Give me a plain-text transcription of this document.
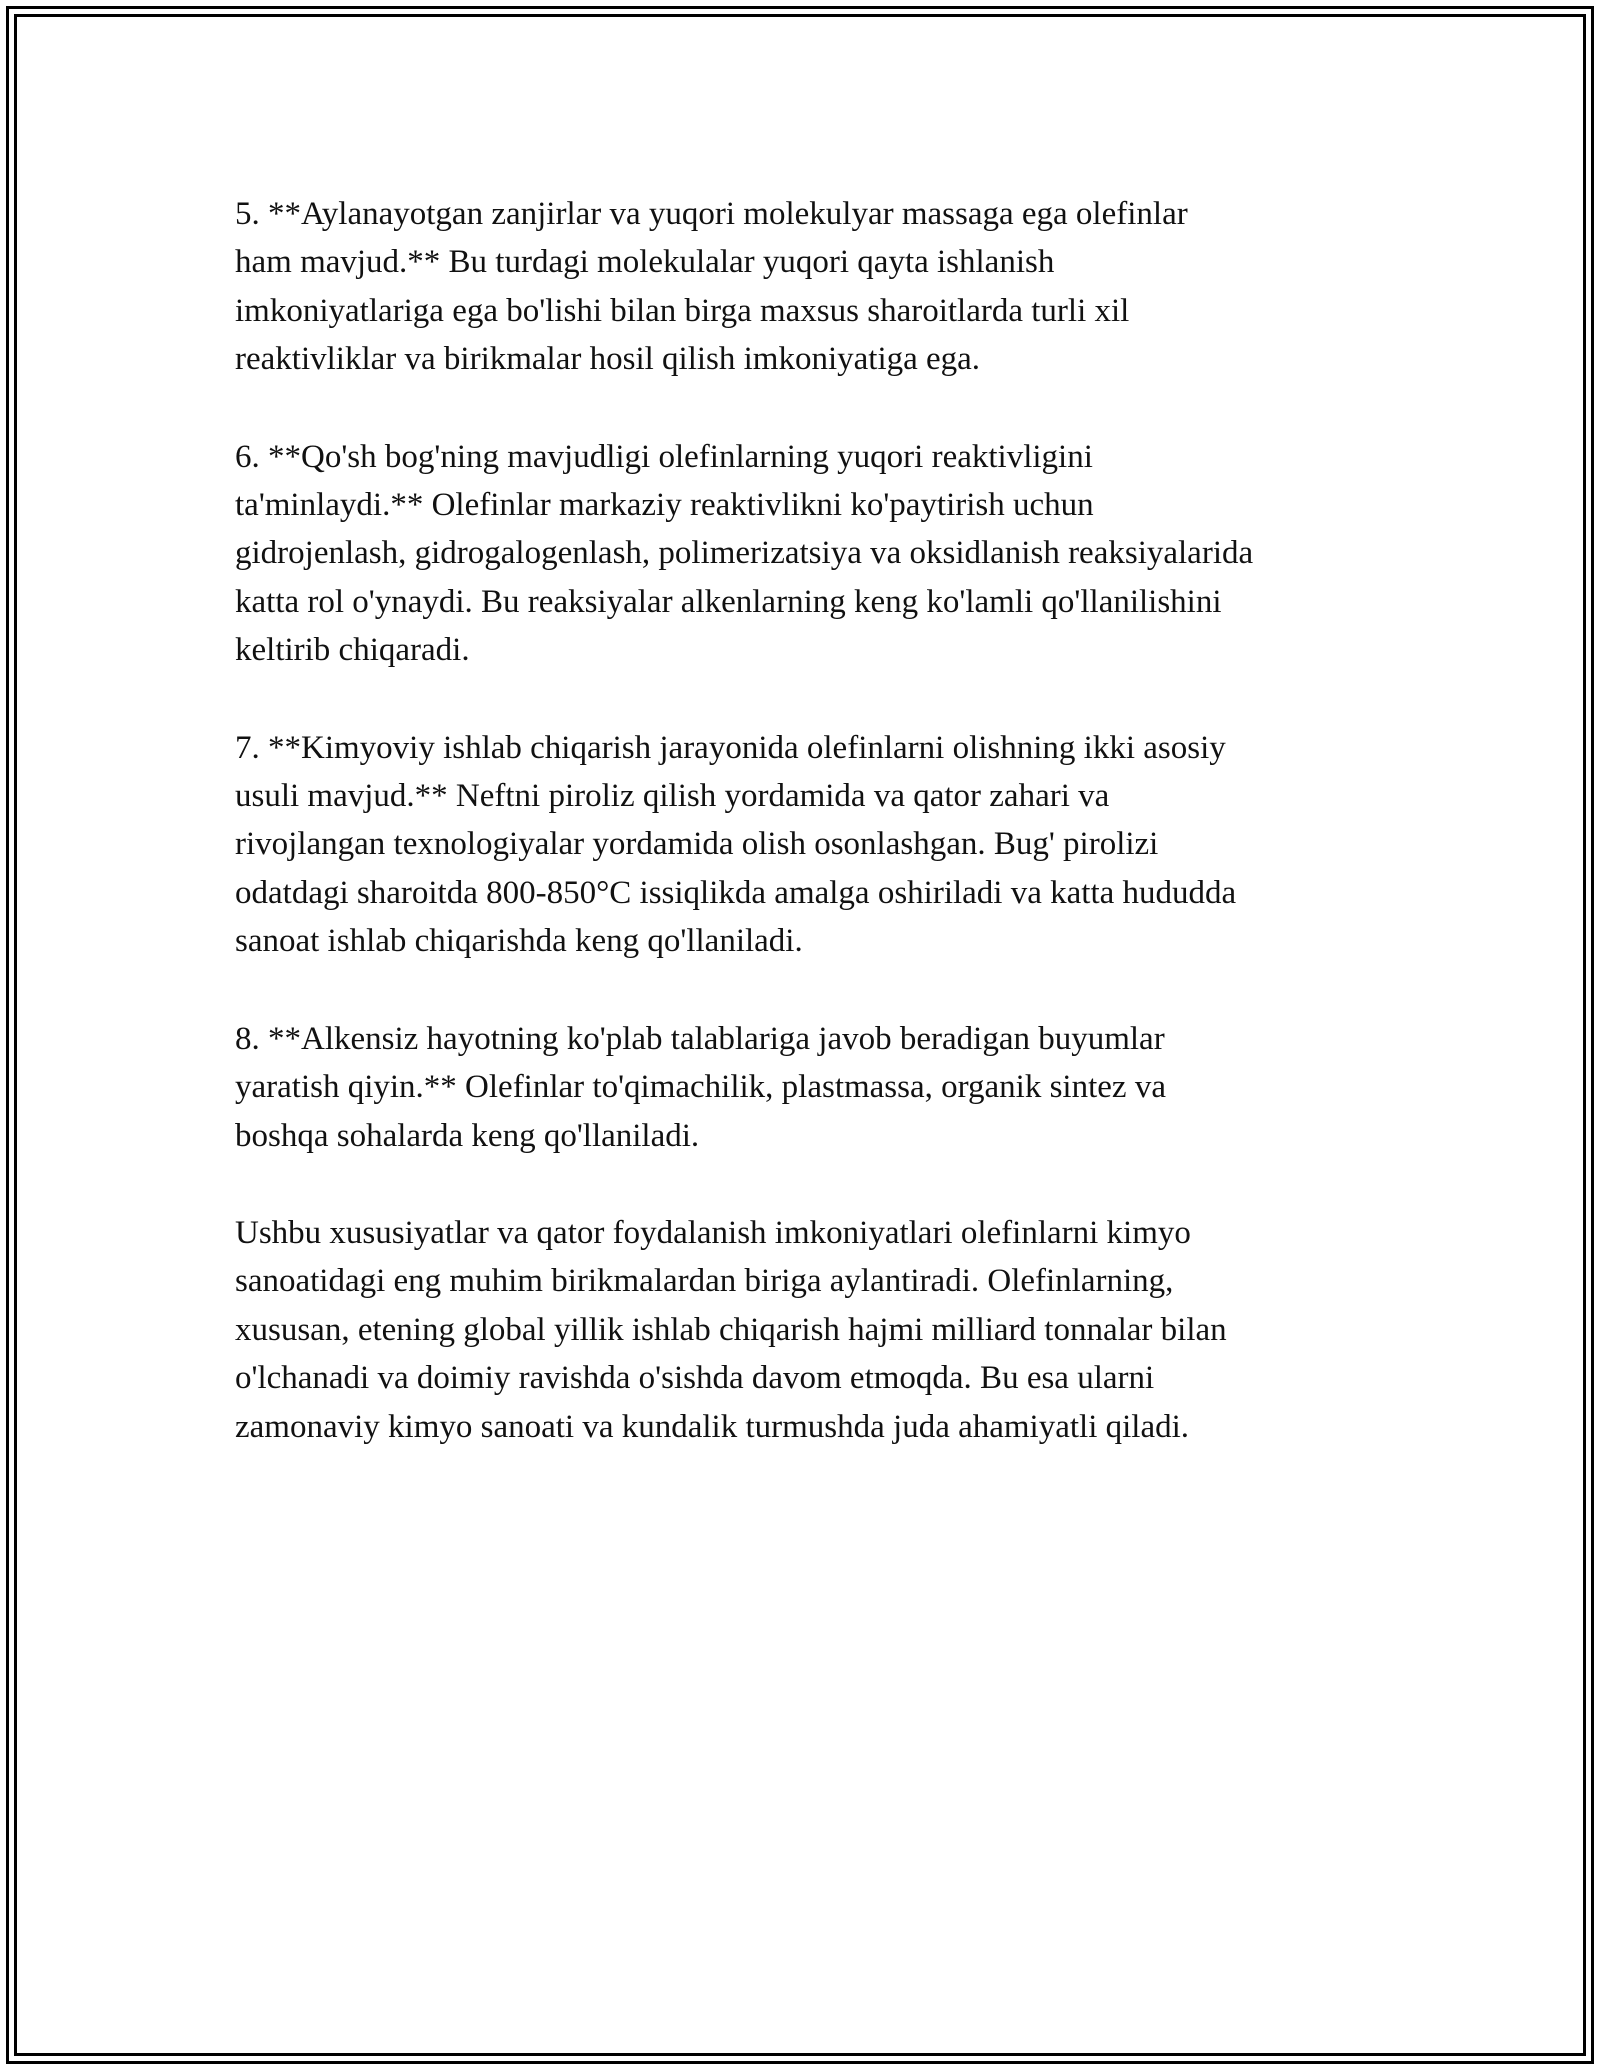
5. **Aylanayotgan zanjirlar va yuqori molekulyar massaga ega olefinlar
ham mavjud.** Bu turdagi molekulalar yuqori qayta ishlanish
imkoniyatlariga ega bo'lishi bilan birga maxsus sharoitlarda turli xil
reaktivliklar va birikmalar hosil qilish imkoniyatiga ega.

6. **Qo'sh bog'ning mavjudligi olefinlarning yuqori reaktivligini
ta'minlaydi.** Olefinlar markaziy reaktivlikni ko'paytirish uchun
gidrojenlash, gidrogalogenlash, polimerizatsiya va oksidlanish reaksiyalarida
katta rol o'ynaydi. Bu reaksiyalar alkenlarning keng ko'lamli qo'llanilishini
keltirib chiqaradi.

7. **Kimyoviy ishlab chiqarish jarayonida olefinlarni olishning ikki asosiy
usuli mavjud.** Neftni piroliz qilish yordamida va qator zahari va
rivojlangan texnologiyalar yordamida olish osonlashgan. Bug' pirolizi
odatdagi sharoitda 800-850°C issiqlikda amalga oshiriladi va katta hududda
sanoat ishlab chiqarishda keng qo'llaniladi.

8. **Alkensiz hayotning ko'plab talablariga javob beradigan buyumlar
yaratish qiyin.** Olefinlar to'qimachilik, plastmassa, organik sintez va
boshqa sohalarda keng qo'llaniladi.

Ushbu xususiyatlar va qator foydalanish imkoniyatlari olefinlarni kimyo
sanoatidagi eng muhim birikmalardan biriga aylantiradi. Olefinlarning,
xususan, etening global yillik ishlab chiqarish hajmi milliard tonnalar bilan
o'lchanadi va doimiy ravishda o'sishda davom etmoqda. Bu esa ularni
zamonaviy kimyo sanoati va kundalik turmushda juda ahamiyatli qiladi.
